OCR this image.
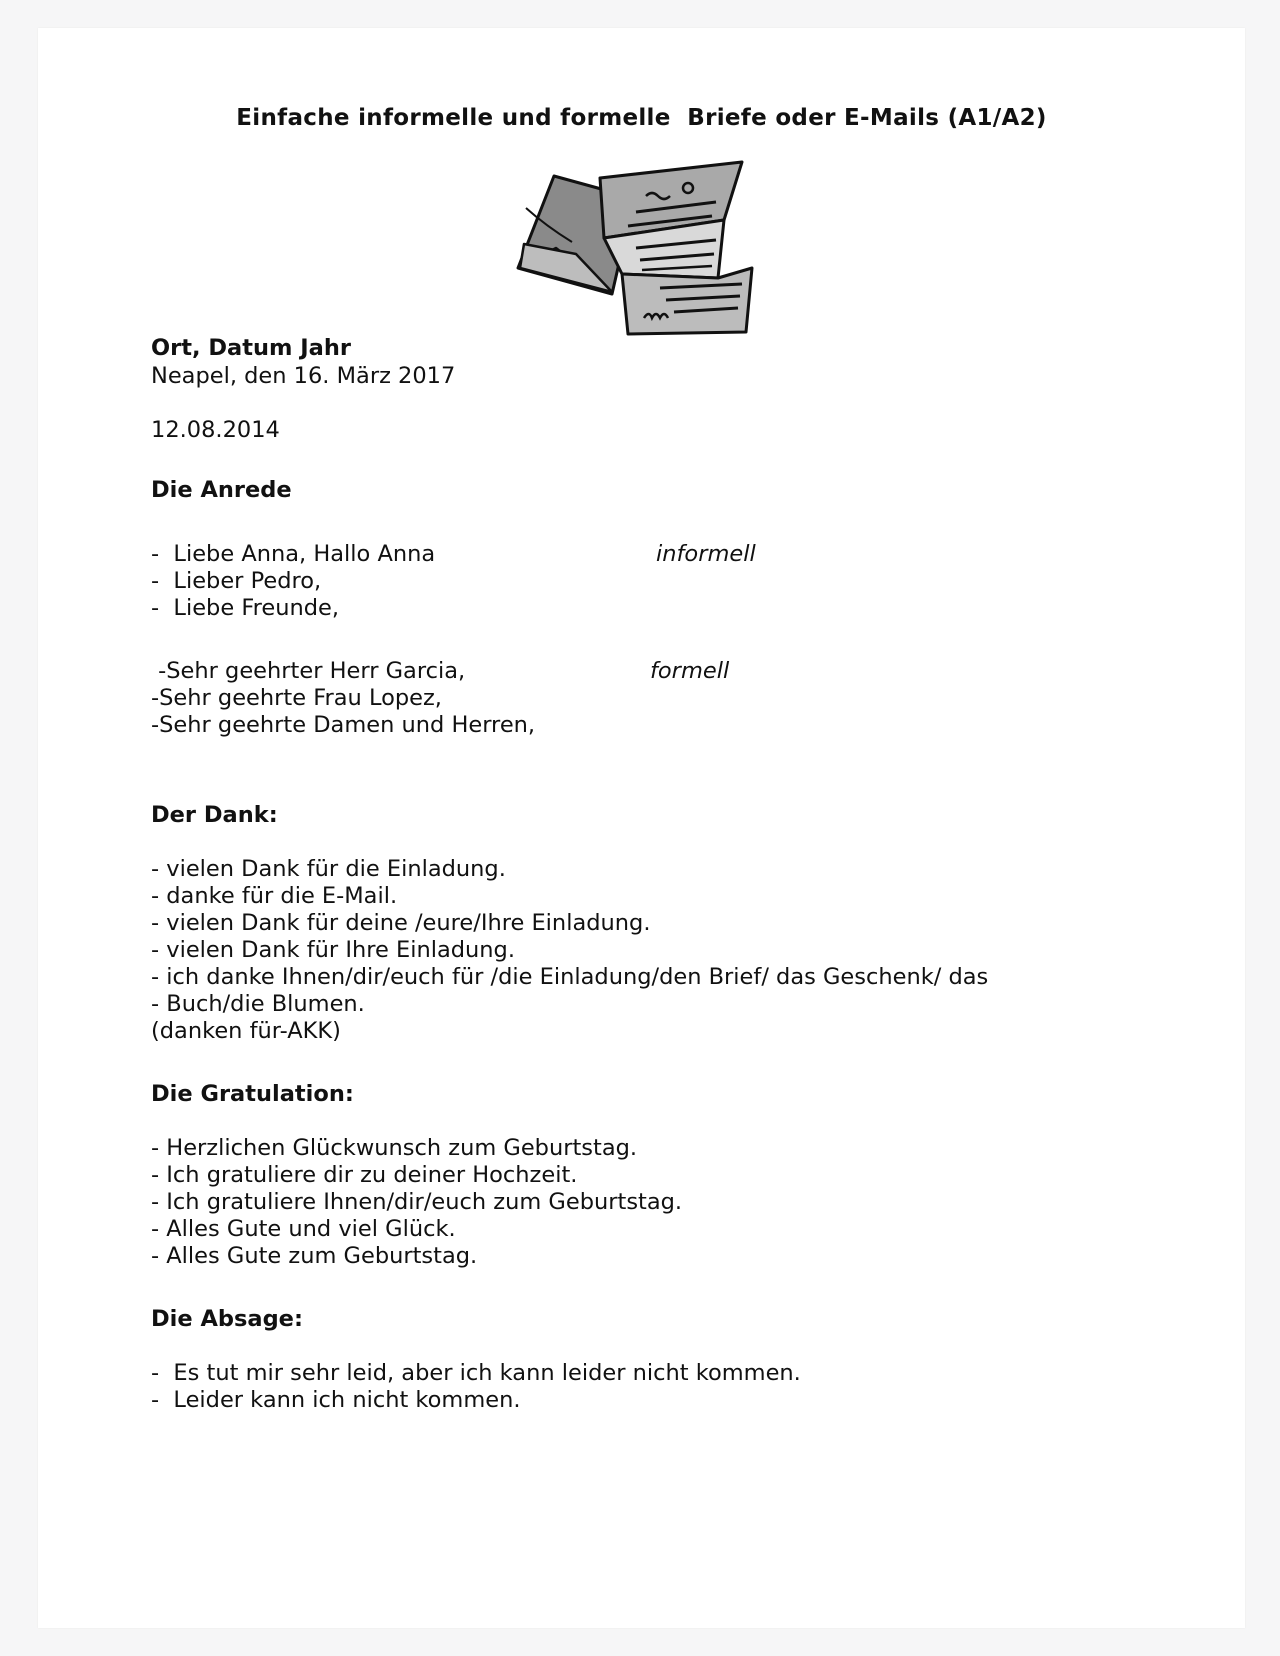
Einfache informelle und formelle  Briefe oder E-Mails (A1/A2)
Ort, Datum Jahr
Neapel, den 16. März 2017
12.08.2014
Die Anrede
-  Liebe Anna, Hallo Anna	informell
-  Lieber Pedro,
-  Liebe Freunde,
-Sehr geehrter Herr Garcia,	formell
-Sehr geehrte Frau Lopez,
-Sehr geehrte Damen und Herren,
Der Dank:
- vielen Dank für die Einladung.
- danke für die E-Mail.
- vielen Dank für deine /eure/Ihre Einladung.
- vielen Dank für Ihre Einladung.
- ich danke Ihnen/dir/euch für /die Einladung/den Brief/ das Geschenk/ das
- Buch/die Blumen.
(danken für-AKK)
Die Gratulation:
- Herzlichen Glückwunsch zum Geburtstag.
- Ich gratuliere dir zu deiner Hochzeit.
- Ich gratuliere Ihnen/dir/euch zum Geburtstag.
- Alles Gute und viel Glück.
- Alles Gute zum Geburtstag.
Die Absage:
-  Es tut mir sehr leid, aber ich kann leider nicht kommen.
-  Leider kann ich nicht kommen.
